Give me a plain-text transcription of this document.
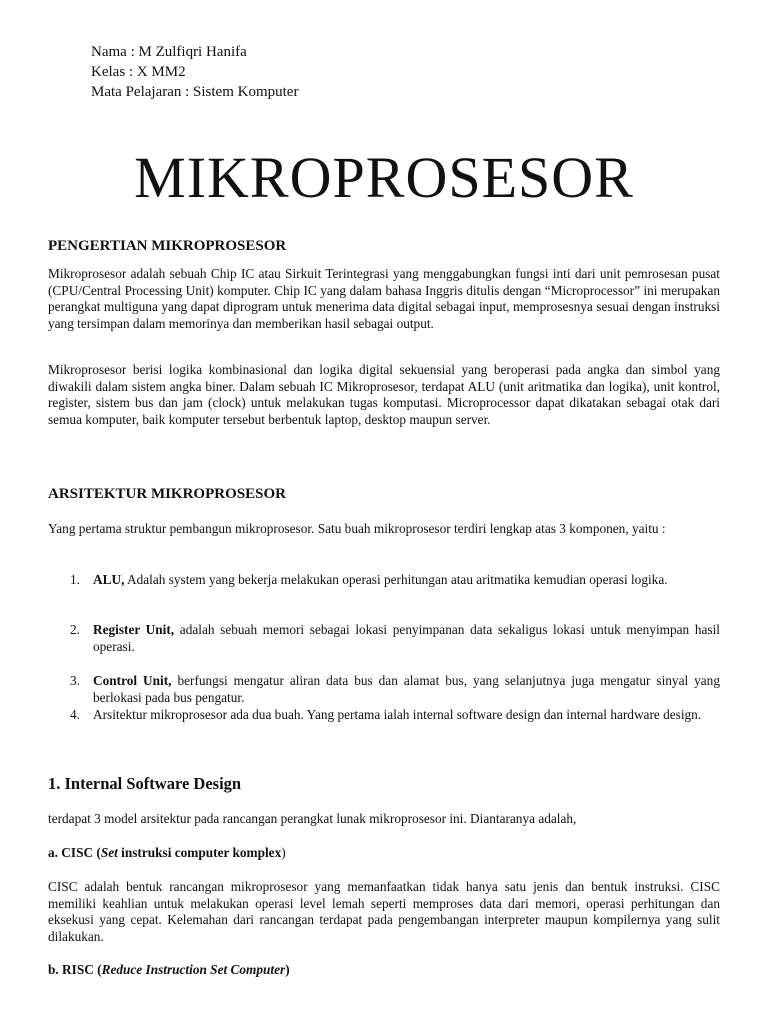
Nama : M Zulfiqri Hanifa
Kelas : X MM2
Mata Pelajaran : Sistem Komputer
MIKROPROSESOR
PENGERTIAN MIKROPROSESOR

Mikroprosesor adalah sebuah Chip IC atau Sirkuit Terintegrasi yang menggabungkan fungsi inti dari unit pemrosesan pusat (CPU/Central Processing Unit) komputer. Chip IC yang dalam bahasa Inggris ditulis dengan “Microprocessor” ini merupakan perangkat multiguna yang dapat diprogram untuk menerima data digital sebagai input, memprosesnya sesuai dengan instruksi yang tersimpan dalam memorinya dan memberikan hasil sebagai output.

Mikroprosesor berisi logika kombinasional dan logika digital sekuensial yang beroperasi pada angka dan simbol yang diwakili dalam sistem angka biner. Dalam sebuah IC Mikroprosesor, terdapat ALU (unit aritmatika dan logika), unit kontrol, register, sistem bus dan jam (clock) untuk melakukan tugas komputasi. Microprocessor dapat dikatakan sebagai otak dari semua komputer, baik komputer tersebut berbentuk laptop, desktop maupun server.

ARSITEKTUR MIKROPROSESOR

Yang pertama struktur pembangun mikroprosesor. Satu buah mikroprosesor terdiri lengkap atas 3 komponen, yaitu :

1. ALU, Adalah system yang bekerja melakukan operasi perhitungan atau aritmatika kemudian operasi logika.
2. Register Unit, adalah sebuah memori sebagai lokasi penyimpanan data sekaligus lokasi untuk menyimpan hasil operasi.
3. Control Unit, berfungsi mengatur aliran data bus dan alamat bus, yang selanjutnya juga mengatur sinyal yang berlokasi pada bus pengatur.
4. Arsitektur mikroprosesor ada dua buah. Yang pertama ialah internal software design dan internal hardware design.
1. Internal Software Design

terdapat 3 model arsitektur pada rancangan perangkat lunak mikroprosesor ini. Diantaranya adalah,

a. CISC (Set instruksi computer komplex)

CISC adalah bentuk rancangan mikroprosesor yang memanfaatkan tidak hanya satu jenis dan bentuk instruksi. CISC memiliki keahlian untuk melakukan operasi level lemah seperti memproses data dari memori, operasi perhitungan dan eksekusi yang cepat. Kelemahan dari rancangan terdapat pada pengembangan interpreter maupun kompilernya yang sulit dilakukan.

b. RISC (Reduce Instruction Set Computer)
